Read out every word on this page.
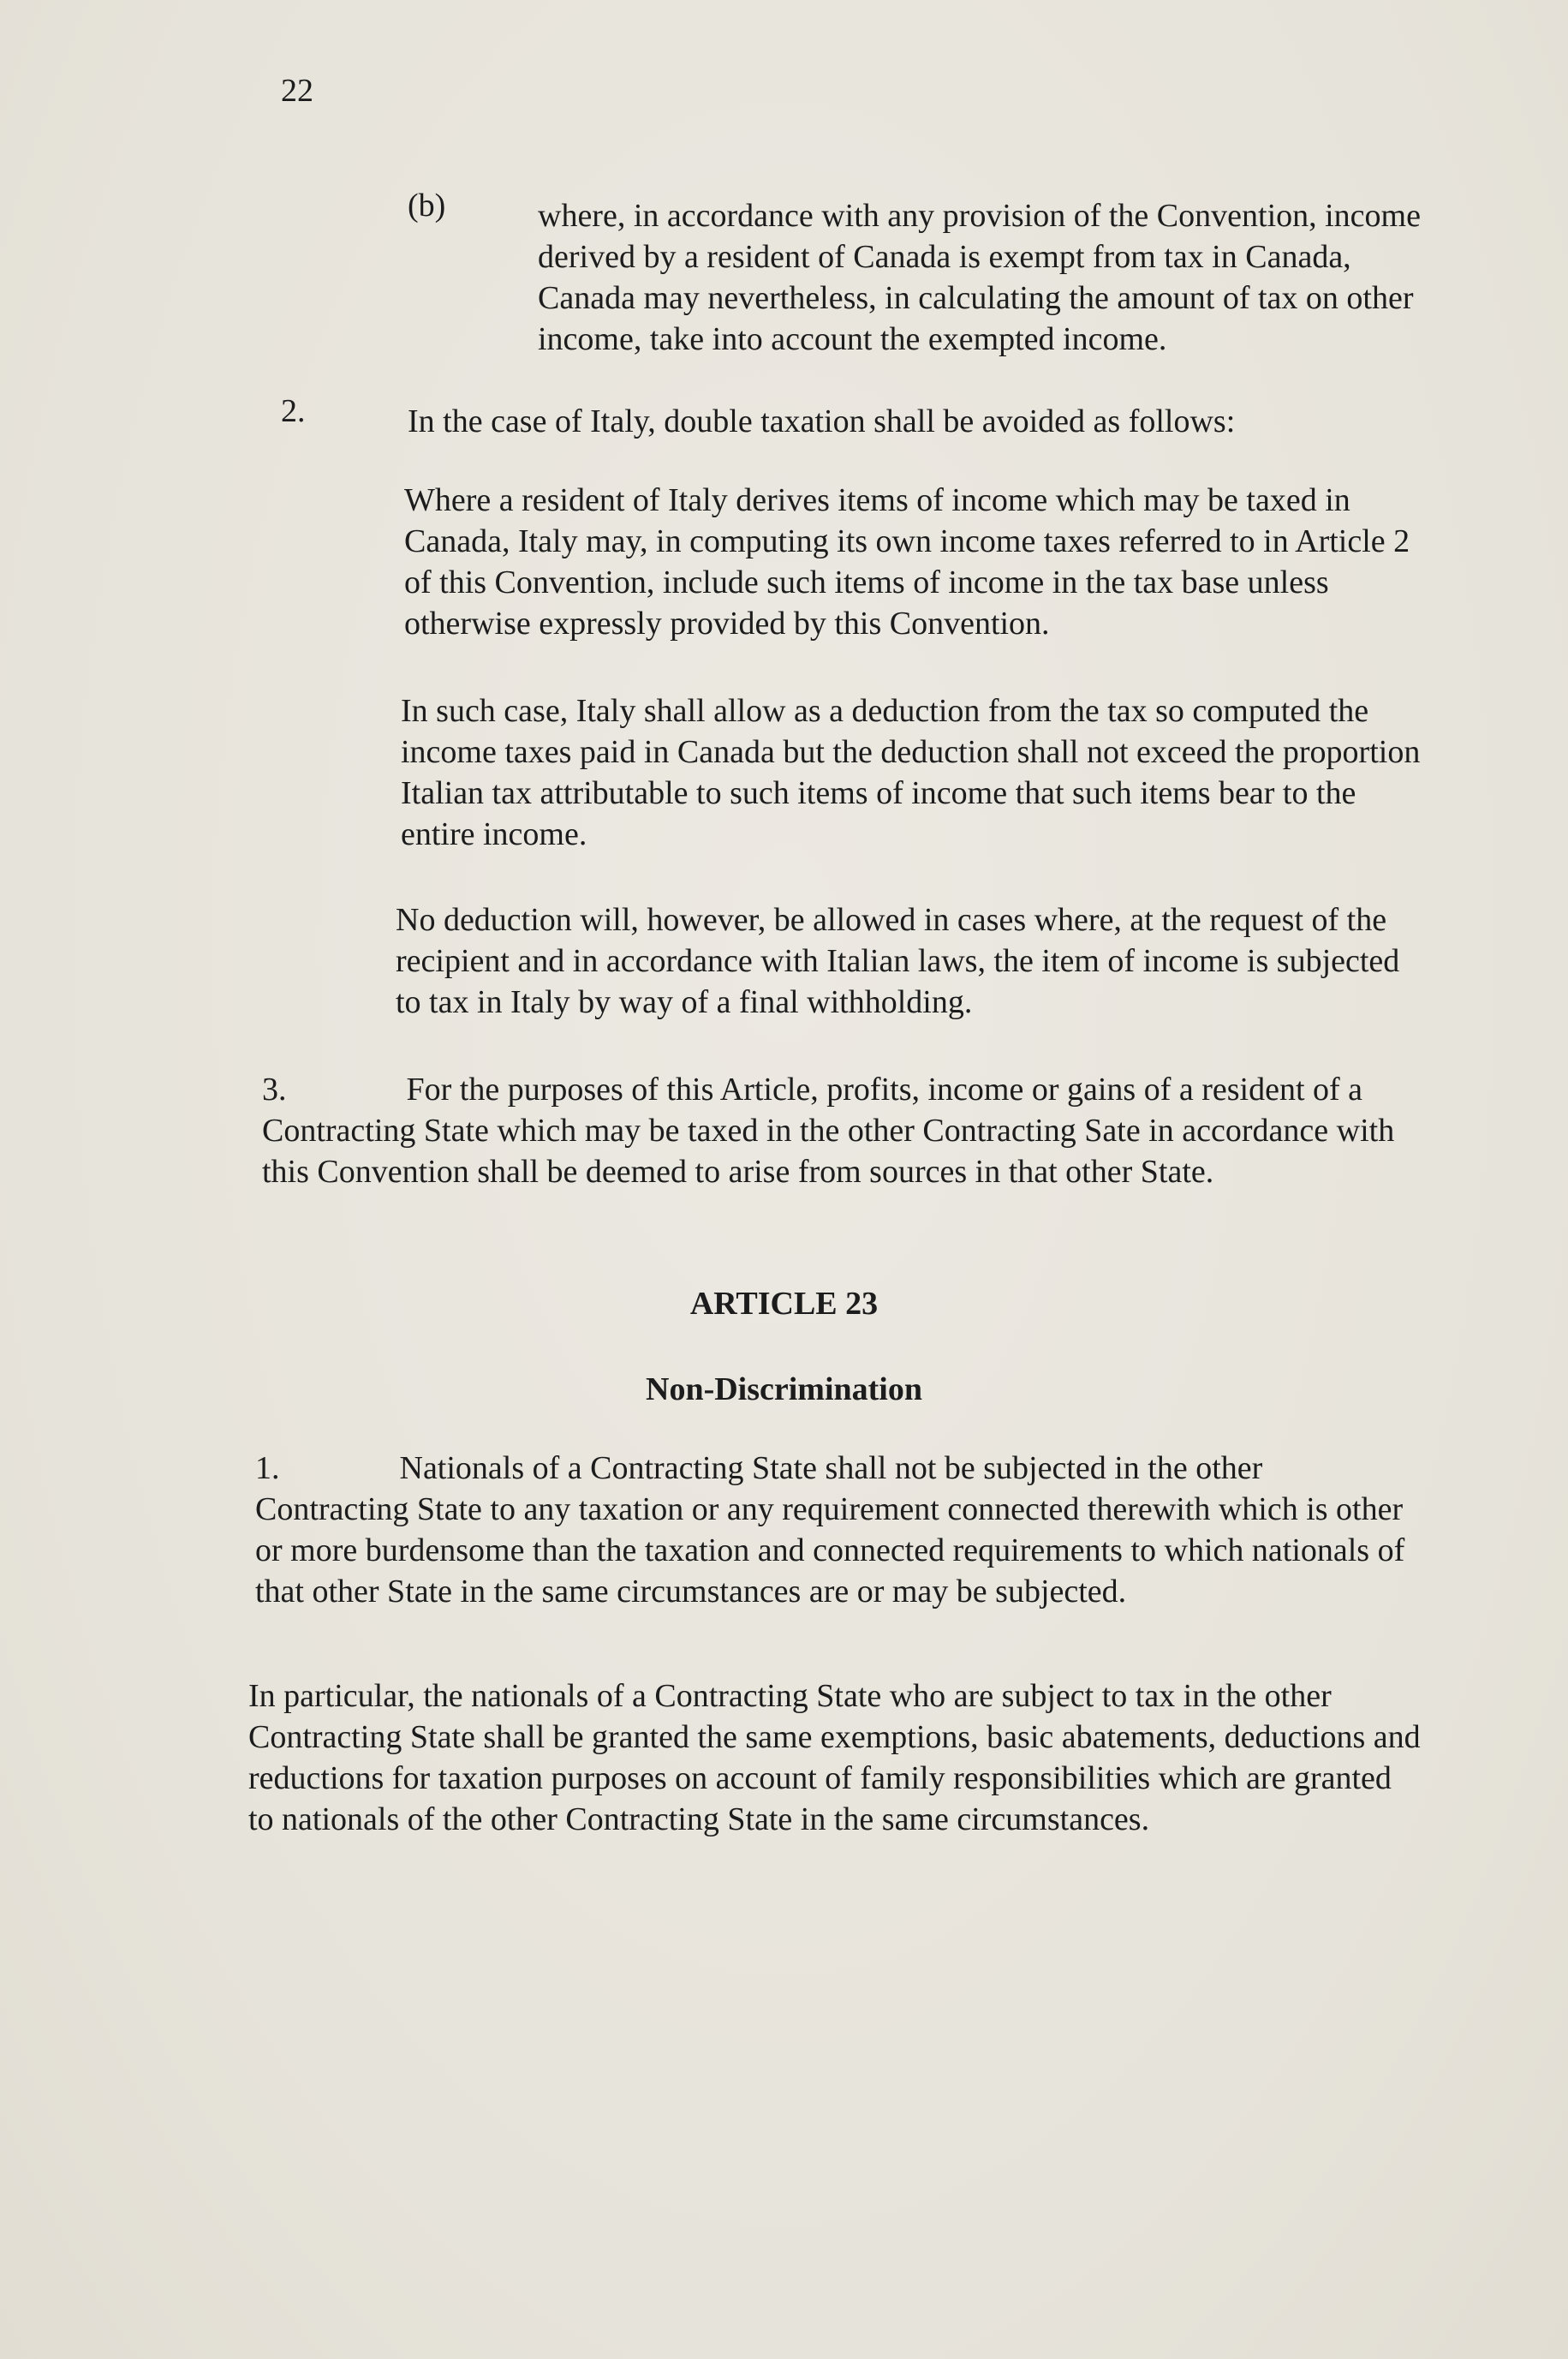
22
(b)	where, in accordance with any provision of the Convention, income derived by a resident of Canada is exempt from tax in Canada, Canada may nevertheless, in calculating the amount of tax on other income, take into account the exempted income.

2.	In the case of Italy, double taxation shall be avoided as follows:

Where a resident of Italy derives items of income which may be taxed in Canada, Italy may, in computing its own income taxes referred to in Article 2 of this Convention, include such items of income in the tax base unless otherwise expressly provided by this Convention.

In such case, Italy shall allow as a deduction from the tax so computed the income taxes paid in Canada but the deduction shall not exceed the proportion Italian tax attributable to such items of income that such items bear to the entire income.

No deduction will, however, be allowed in cases where, at the request of the recipient and in accordance with Italian laws, the item of income is subjected to tax in Italy by way of a final withholding.

3.	For the purposes of this Article, profits, income or gains of a resident of a Contracting State which may be taxed in the other Contracting Sate in accordance with this Convention shall be deemed to arise from sources in that other State.

ARTICLE 23
Non-Discrimination

1.	Nationals of a Contracting State shall not be subjected in the other Contracting State to any taxation or any requirement connected therewith which is other or more burdensome than the taxation and connected requirements to which nationals of that other State in the same circumstances are or may be subjected.

In particular, the nationals of a Contracting State who are subject to tax in the other Contracting State shall be granted the same exemptions, basic abatements, deductions and reductions for taxation purposes on account of family responsibilities which are granted to nationals of the other Contracting State in the same circumstances.
